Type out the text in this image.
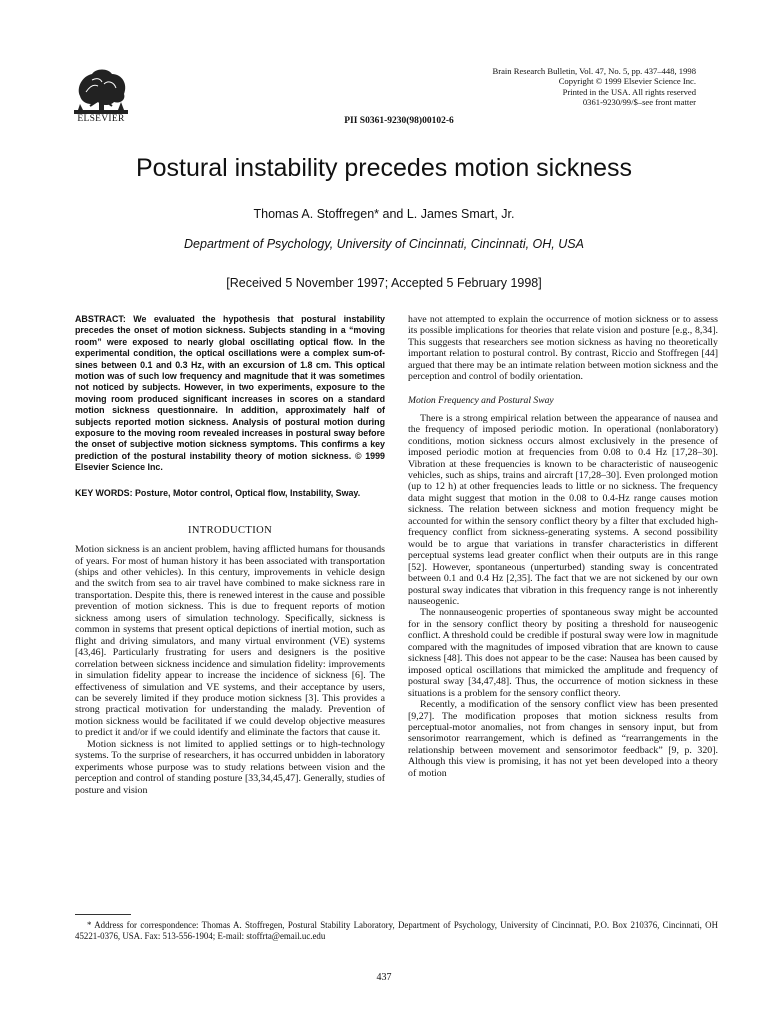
ELSEVIER
Brain Research Bulletin, Vol. 47, No. 5, pp. 437–448, 1998
Copyright © 1999 Elsevier Science Inc.
Printed in the USA. All rights reserved
0361-9230/99/$–see front matter
PII S0361-9230(98)00102-6
Postural instability precedes motion sickness
Thomas A. Stoffregen* and L. James Smart, Jr.
Department of Psychology, University of Cincinnati, Cincinnati, OH, USA
[Received 5 November 1997; Accepted 5 February 1998]

ABSTRACT: We evaluated the hypothesis that postural instability precedes the onset of motion sickness. Subjects standing in a “moving room” were exposed to nearly global oscillating optical flow. In the experimental condition, the optical oscillations were a complex sum-of-sines between 0.1 and 0.3 Hz, with an excursion of 1.8 cm. This optical motion was of such low frequency and magnitude that it was sometimes not noticed by subjects. However, in two experiments, exposure to the moving room produced significant increases in scores on a standard motion sickness questionnaire. In addition, approximately half of subjects reported motion sickness. Analysis of postural motion during exposure to the moving room revealed increases in postural sway before the onset of subjective motion sickness symptoms. This confirms a key prediction of the postural instability theory of motion sickness. © 1999 Elsevier Science Inc.

KEY WORDS: Posture, Motor control, Optical flow, Instability, Sway.

INTRODUCTION

Motion sickness is an ancient problem, having afflicted humans for thousands of years. For most of human history it has been associated with transportation (ships and other vehicles). In this century, improvements in vehicle design and the switch from sea to air travel have combined to make sickness rare in transportation. Despite this, there is renewed interest in the cause and possible prevention of motion sickness. This is due to frequent reports of motion sickness among users of simulation technology. Specifically, sickness is common in systems that present optical depictions of inertial motion, such as flight and driving simulators, and many virtual environment (VE) systems [43,46]. Particularly frustrating for users and designers is the positive correlation between sickness incidence and simulation fidelity: improvements in simulation fidelity appear to increase the incidence of sickness [6]. The effectiveness of simulation and VE systems, and their acceptance by users, can be severely limited if they produce motion sickness [3]. This provides a strong practical motivation for understanding the malady. Prevention of motion sickness would be facilitated if we could develop objective measures to predict it and/or if we could identify and eliminate the factors that cause it.

Motion sickness is not limited to applied settings or to high-technology systems. To the surprise of researchers, it has occurred unbidden in laboratory experiments whose purpose was to study relations between vision and the perception and control of standing posture [33,34,45,47]. Generally, studies of posture and vision

have not attempted to explain the occurrence of motion sickness or to assess its possible implications for theories that relate vision and posture [e.g., 8,34]. This suggests that researchers see motion sickness as having no theoretically important relation to postural control. By contrast, Riccio and Stoffregen [44] argued that there may be an intimate relation between motion sickness and the perception and control of bodily orientation.

Motion Frequency and Postural Sway

There is a strong empirical relation between the appearance of nausea and the frequency of imposed periodic motion. In operational (nonlaboratory) conditions, motion sickness occurs almost exclusively in the presence of imposed periodic motion at frequencies from 0.08 to 0.4 Hz [17,28–30]. Vibration at these frequencies is known to be characteristic of nauseogenic vehicles, such as ships, trains and aircraft [17,28–30]. Even prolonged motion (up to 12 h) at other frequencies leads to little or no sickness. The frequency data might suggest that motion in the 0.08 to 0.4-Hz range causes motion sickness. The relation between sickness and motion frequency might be accounted for within the sensory conflict theory by a filter that excluded high-frequency conflict from sickness-generating systems. A second possibility would be to argue that variations in transfer characteristics in different perceptual systems lead greater conflict when their outputs are in this range [52]. However, spontaneous (unperturbed) standing sway is concentrated between 0.1 and 0.4 Hz [2,35]. The fact that we are not sickened by our own postural sway indicates that vibration in this frequency range is not inherently nauseogenic.

The nonnauseogenic properties of spontaneous sway might be accounted for in the sensory conflict theory by positing a threshold for nauseogenic conflict. A threshold could be credible if postural sway were low in magnitude compared with the magnitudes of imposed vibration that are known to cause sickness [48]. This does not appear to be the case: Nausea has been caused by imposed optical oscillations that mimicked the amplitude and frequency of postural sway [34,47,48]. Thus, the occurrence of motion sickness in these situations is a problem for the sensory conflict theory.

Recently, a modification of the sensory conflict view has been presented [9,27]. The modification proposes that motion sickness results from perceptual-motor anomalies, not from changes in sensory input, but from sensorimotor rearrangement, which is defined as “rearrangements in the relationship between movement and sensorimotor feedback” [9, p. 320]. Although this view is promising, it has not yet been developed into a theory of motion

* Address for correspondence: Thomas A. Stoffregen, Postural Stability Laboratory, Department of Psychology, University of Cincinnati, P.O. Box 210376, Cincinnati, OH 45221-0376, USA. Fax: 513-556-1904; E-mail: stoffrta@email.uc.edu
437
